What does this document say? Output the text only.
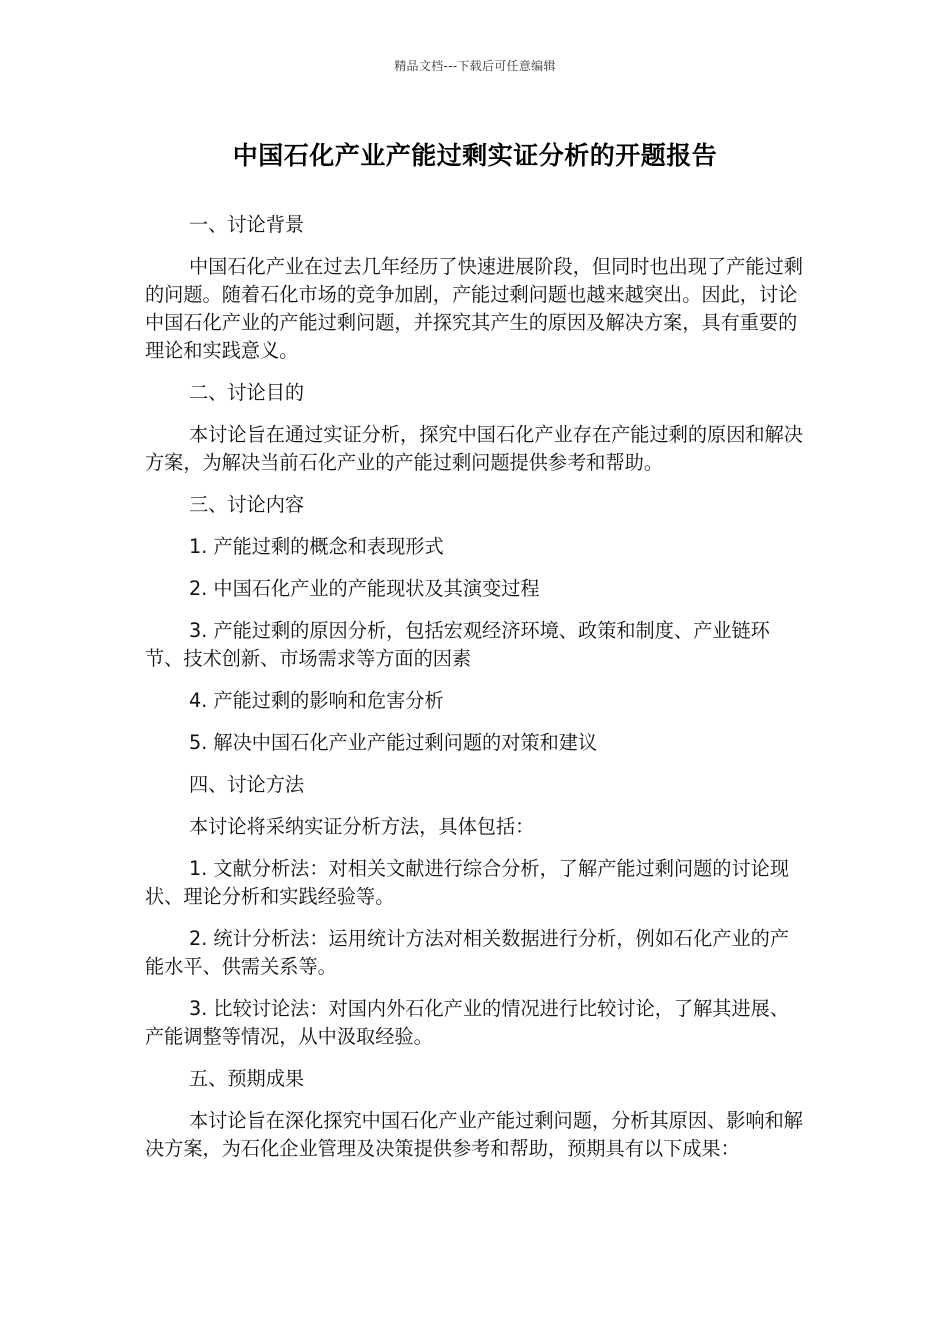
精品文档---下载后可任意编辑
中国石化产业产能过剩实证分析的开题报告

一、讨论背景

中国石化产业在过去几年经历了快速进展阶段，但同时也出现了产能过剩的问题。随着石化市场的竞争加剧，产能过剩问题也越来越突出。因此，讨论中国石化产业的产能过剩问题，并探究其产生的原因及解决方案，具有重要的理论和实践意义。

二、讨论目的

本讨论旨在通过实证分析，探究中国石化产业存在产能过剩的原因和解决方案，为解决当前石化产业的产能过剩问题提供参考和帮助。

三、讨论内容

1. 产能过剩的概念和表现形式

2. 中国石化产业的产能现状及其演变过程

3. 产能过剩的原因分析，包括宏观经济环境、政策和制度、产业链环节、技术创新、市场需求等方面的因素

4. 产能过剩的影响和危害分析

5. 解决中国石化产业产能过剩问题的对策和建议

四、讨论方法

本讨论将采纳实证分析方法，具体包括：

1. 文献分析法：对相关文献进行综合分析，了解产能过剩问题的讨论现状、理论分析和实践经验等。

2. 统计分析法：运用统计方法对相关数据进行分析，例如石化产业的产能水平、供需关系等。

3. 比较讨论法：对国内外石化产业的情况进行比较讨论，了解其进展、产能调整等情况，从中汲取经验。

五、预期成果

本讨论旨在深化探究中国石化产业产能过剩问题，分析其原因、影响和解决方案，为石化企业管理及决策提供参考和帮助，预期具有以下成果：
